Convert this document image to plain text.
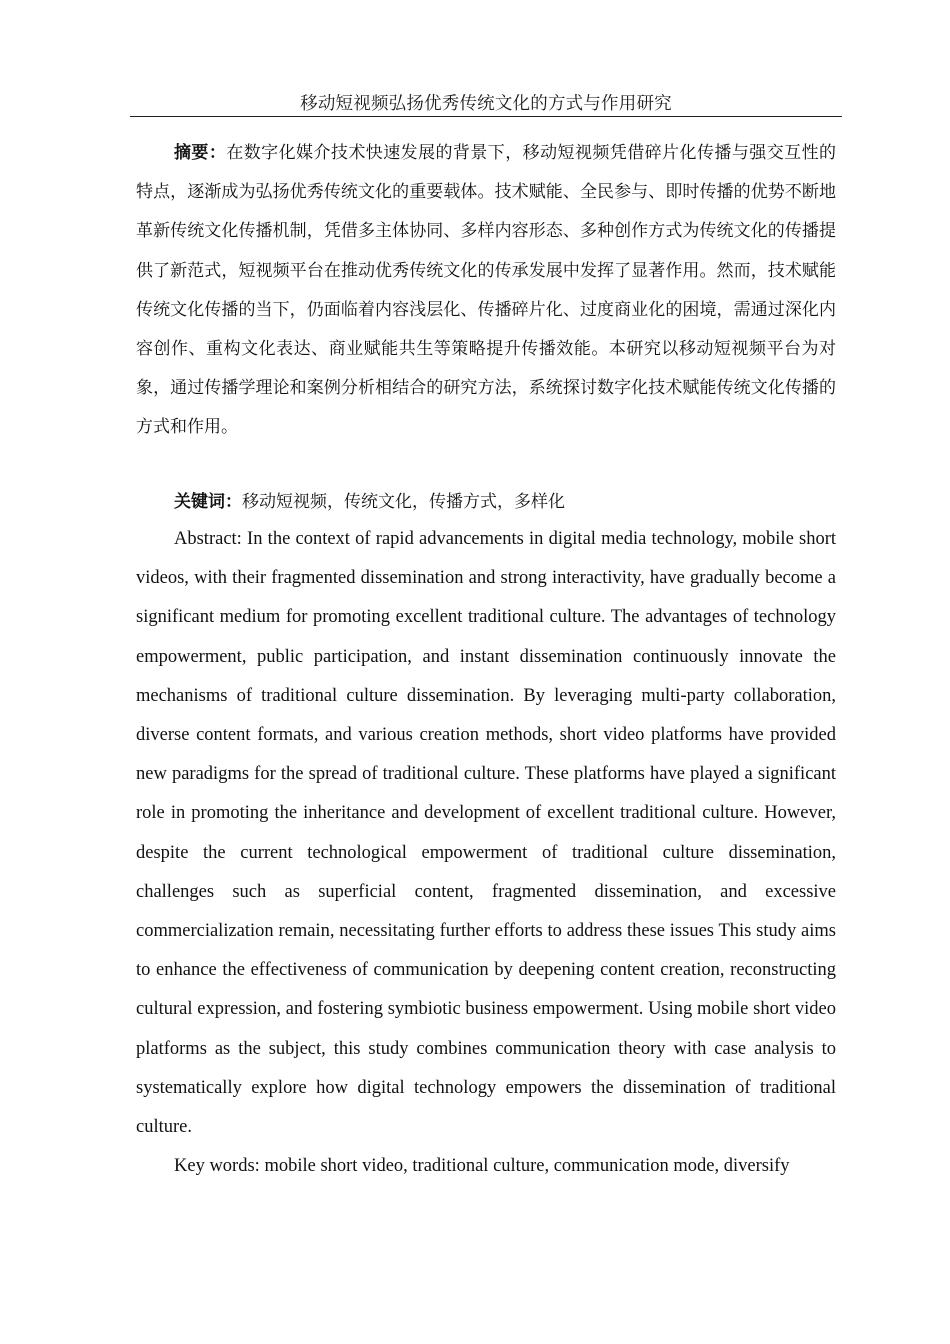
移动短视频弘扬优秀传统文化的方式与作用研究

摘要：在数字化媒介技术快速发展的背景下，移动短视频凭借碎片化传播与强交互性的特点，逐渐成为弘扬优秀传统文化的重要载体。技术赋能、全民参与、即时传播的优势不断地革新传统文化传播机制，凭借多主体协同、多样内容形态、多种创作方式为传统文化的传播提供了新范式，短视频平台在推动优秀传统文化的传承发展中发挥了显著作用。然而，技术赋能传统文化传播的当下，仍面临着内容浅层化、传播碎片化、过度商业化的困境，需通过深化内容创作、重构文化表达、商业赋能共生等策略提升传播效能。本研究以移动短视频平台为对象，通过传播学理论和案例分析相结合的研究方法，系统探讨数字化技术赋能传统文化传播的方式和作用。

关键词：移动短视频，传统文化，传播方式，多样化

Abstract: In the context of rapid advancements in digital media technology, mobile short videos, with their fragmented dissemination and strong interactivity, have gradually become a significant medium for promoting excellent traditional culture. The advantages of technology empowerment, public participation, and instant dissemination continuously innovate the mechanisms of traditional culture dissemination. By leveraging multi-party collaboration, diverse content formats, and various creation methods, short video platforms have provided new paradigms for the spread of traditional culture. These platforms have played a significant role in promoting the inheritance and development of excellent traditional culture. However, despite the current technological empowerment of traditional culture dissemination, challenges such as superficial content, fragmented dissemination, and excessive commercialization remain, necessitating further efforts to address these issues This study aims to enhance the effectiveness of communication by deepening content creation, reconstructing cultural expression, and fostering symbiotic business empowerment. Using mobile short video platforms as the subject, this study combines communication theory with case analysis to systematically explore how digital technology empowers the dissemination of traditional culture.

Key words: mobile short video, traditional culture, communication mode, diversify
